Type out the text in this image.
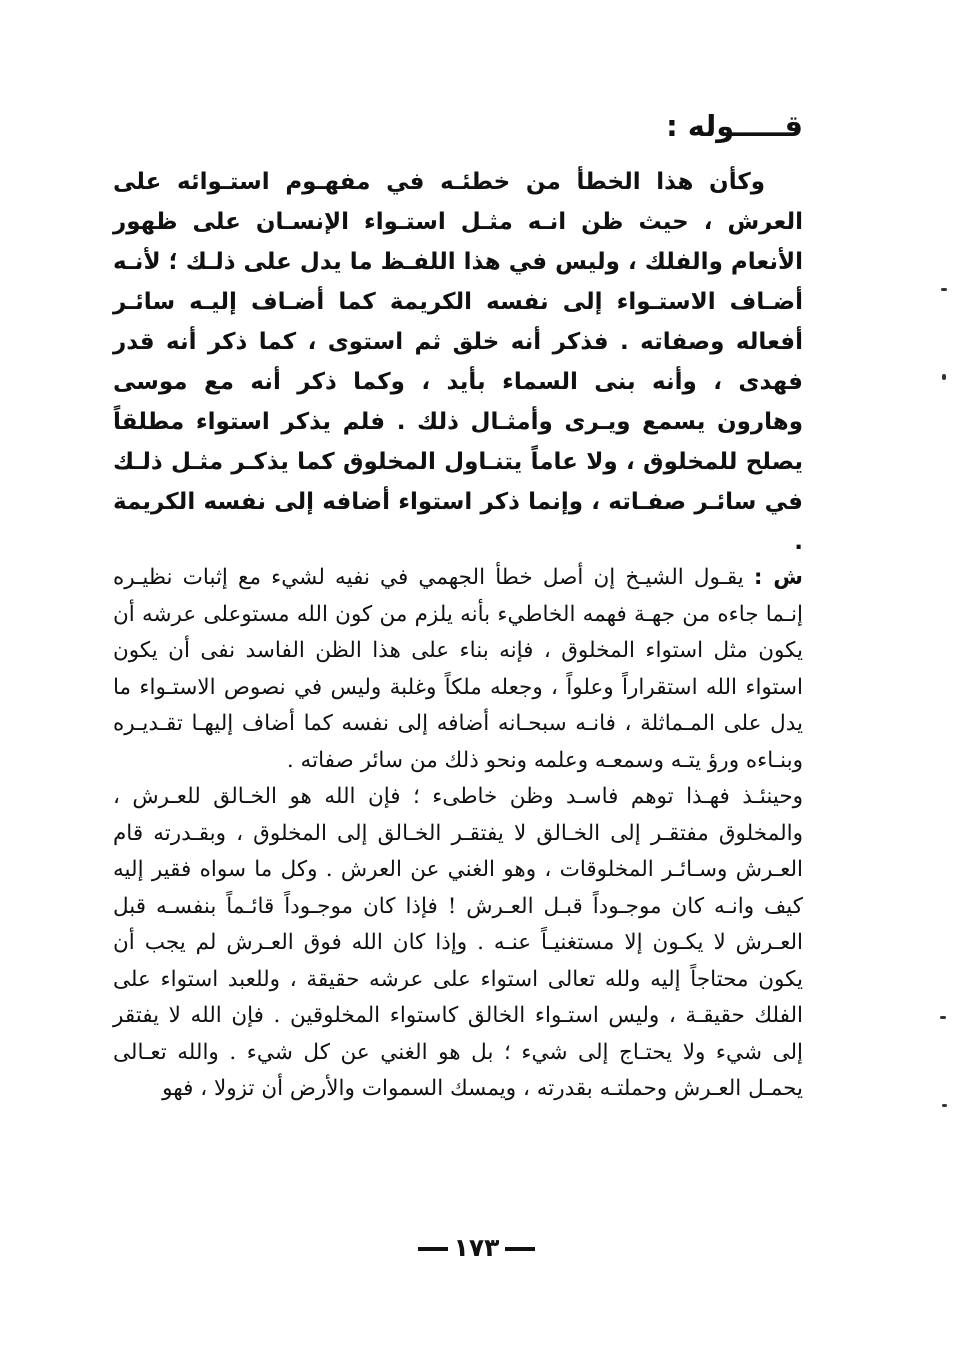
قـــــوله :

وكأن هذا الخطأ من خطئـه في مفهـوم استـوائه على العرش ، حيث ظن انـه مثـل استـواء الإنسـان على ظهور الأنعام والفلك ، وليس في هذا اللفـظ ما يدل على ذلـك ؛ لأنـه أضـاف الاستـواء إلى نفسه الكريمة كما أضـاف إليـه سائـر أفعاله وصفاته . فذكر أنه خلق ثم استوى ، كما ذكر أنه قدر فهدى ، وأنه بنى السماء بأيد ، وكما ذكر أنه مع موسى وهارون يسمع ويـرى وأمثـال ذلك . فلم يذكر استواء مطلقاً يصلح للمخلوق ، ولا عاماً يتنـاول المخلوق كما يذكـر مثـل ذلـك في سائـر صفـاته ، وإنما ذكر استواء أضافه إلى نفسه الكريمة .

ش : يقـول الشيـخ إن أصل خطأ الجهمي في نفيه لشيء مع إثبات نظيـره إنـما جاءه من جهـة فهمه الخاطيء بأنه يلزم من كون الله مستوعلى عرشه أن يكون مثل استواء المخلوق ، فإنه بناء على هذا الظن الفاسد نفى أن يكون استواء الله استقراراً وعلواً ، وجعله ملكاً وغلبة وليس في نصوص الاستـواء ما يدل على المـماثلة ، فانـه سبحـانه أضافه إلى نفسه كما أضاف إليهـا تقـديـره وبنـاءه ورؤ يتـه وسمعـه وعلمه ونحو ذلك من سائر صفاته .

وحينئـذ فهـذا توهم فاسـد وظن خاطىء ؛ فإن الله هو الخـالق للعـرش ، والمخلوق مفتقـر إلى الخـالق لا يفتقـر الخـالق إلى المخلوق ، وبقـدرته قام العـرش وسـائـر المخلوقات ، وهو الغني عن العرش . وكل ما سواه فقير إليه كيف وانـه كان موجـوداً قبـل العـرش ! فإذا كان موجـوداً قائـماً بنفسـه قبل العـرش لا يكـون إلا مستغنيـاً عنـه . وإذا كان الله فوق العـرش لم يجب أن يكون محتاجاً إليه ولله تعالى استواء على عرشه حقيقة ، وللعبد استواء على الفلك حقيقـة ، وليس استـواء الخالق كاستواء المخلوقين . فإن الله لا يفتقر إلى شيء ولا يحتـاج إلى شيء ؛ بل هو الغني عن كل شيء . والله تعـالى يحمـل العـرش وحملتـه بقدرته ، ويمسك السموات والأرض أن تزولا ، فهو

١٧٣
